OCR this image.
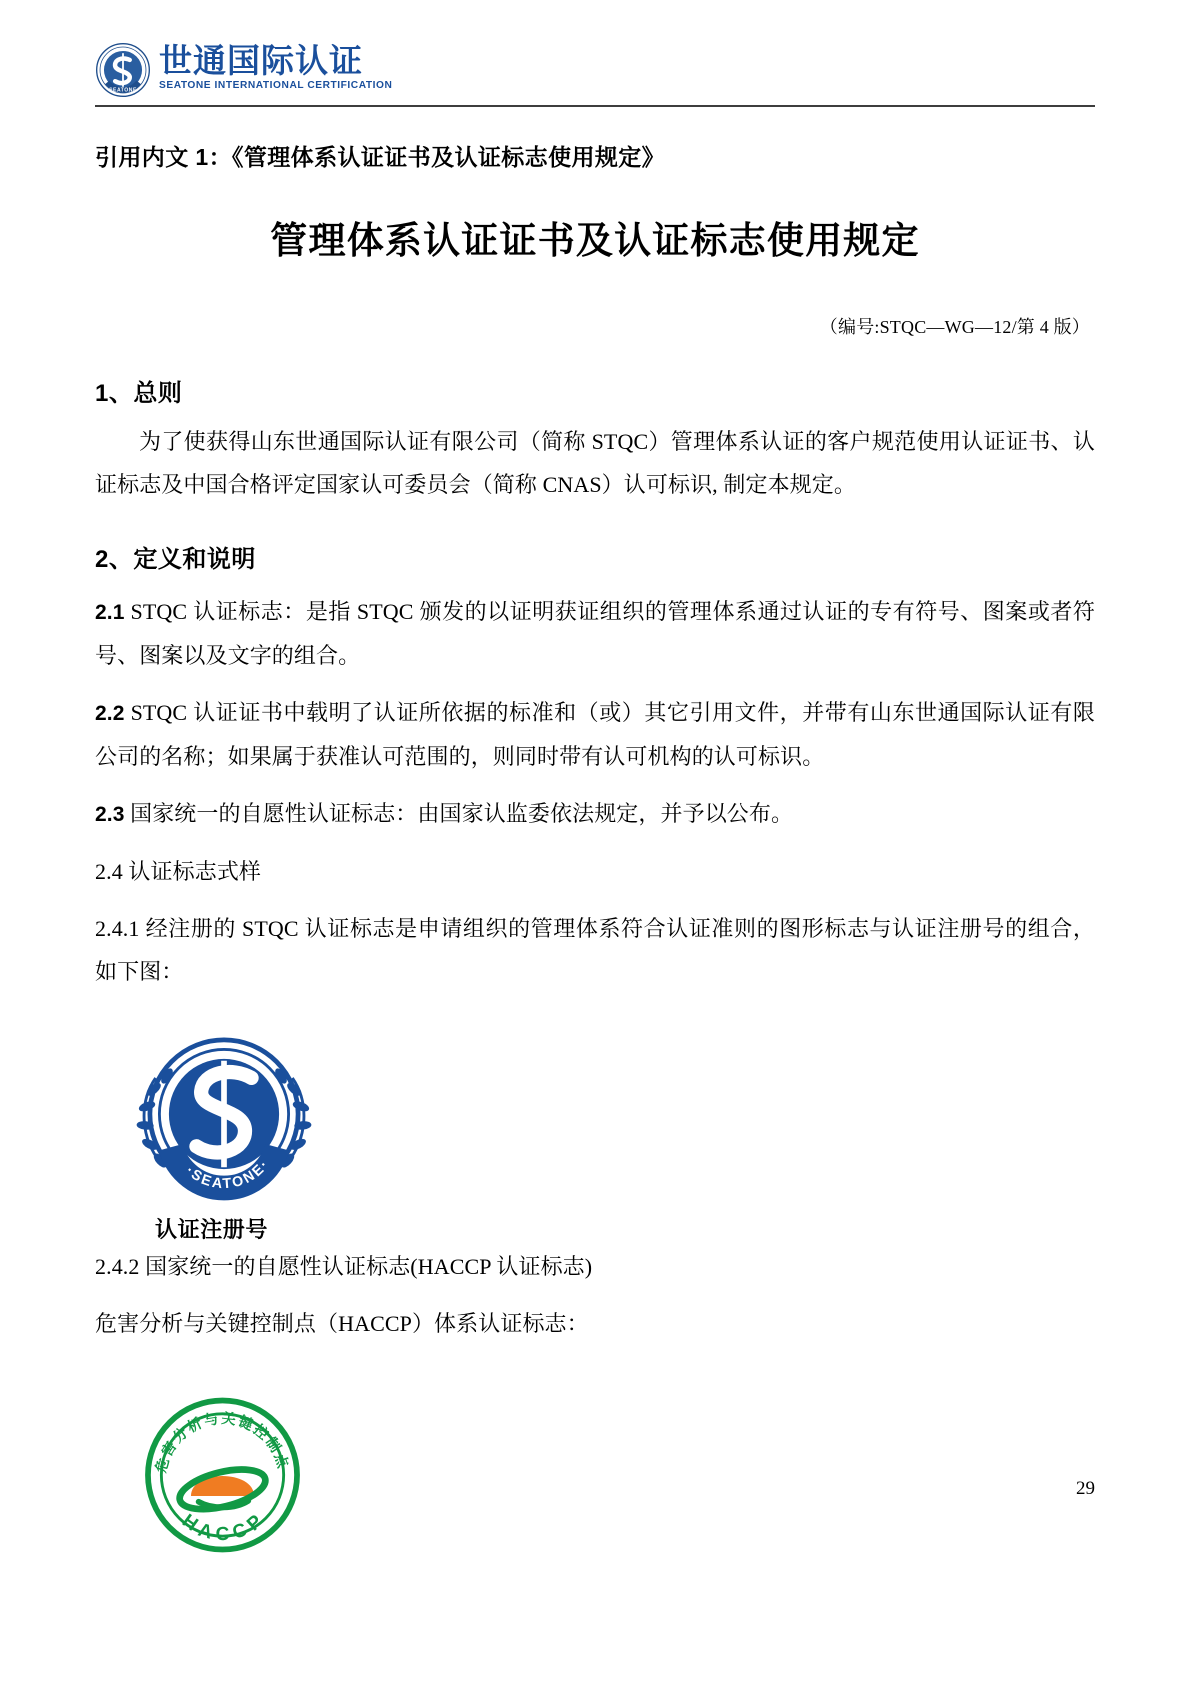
SEATONE
世通国际认证
SEATONE INTERNATIONAL CERTIFICATION

引用内文 1：《管理体系认证证书及认证标志使用规定》

管理体系认证证书及认证标志使用规定

（编号:STQC—WG—12/第 4 版）

1、总则

为了使获得山东世通国际认证有限公司（简称 STQC）管理体系认证的客户规范使用认证证书、认证标志及中国合格评定国家认可委员会（简称 CNAS）认可标识, 制定本规定。

2、定义和说明

2.1 STQC 认证标志：是指 STQC 颁发的以证明获证组织的管理体系通过认证的专有符号、图案或者符号、图案以及文字的组合。

2.2 STQC 认证证书中载明了认证所依据的标准和（或）其它引用文件，并带有山东世通国际认证有限公司的名称；如果属于获准认可范围的，则同时带有认可机构的认可标识。

2.3 国家统一的自愿性认证标志：由国家认监委依法规定，并予以公布。

2.4 认证标志式样

2.4.1 经注册的 STQC 认证标志是申请组织的管理体系符合认证准则的图形标志与认证注册号的组合，如下图：

·SEATONE·
认证注册号

2.4.2 国家统一的自愿性认证标志(HACCP 认证标志)

危害分析与关键控制点（HACCP）体系认证标志：

危害分析与关键控制点
HACCP
29
